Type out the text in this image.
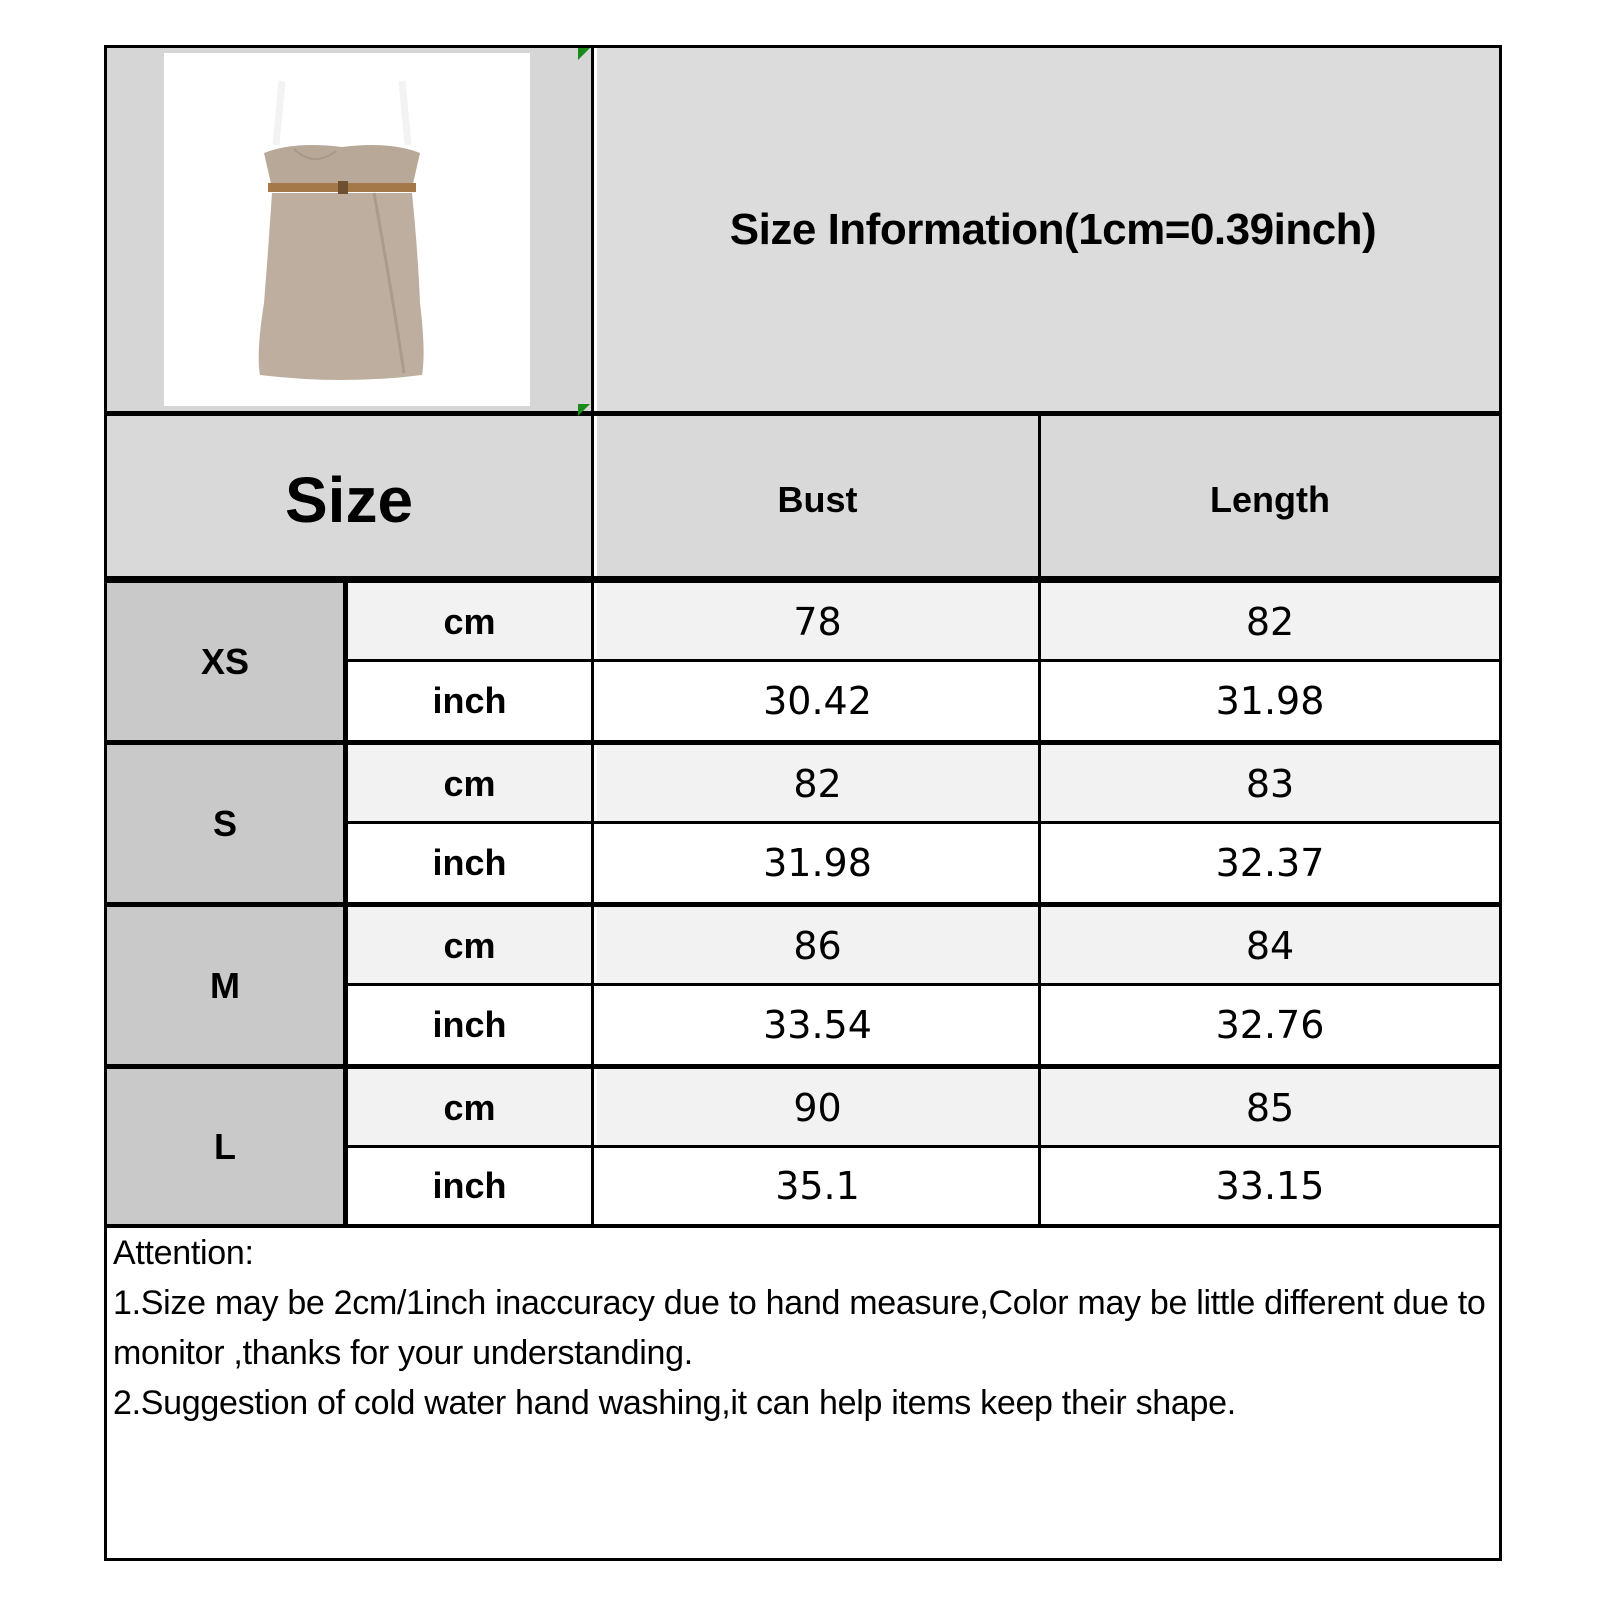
Size Information(1cm=0.39inch)
Size	Bust	Length
XS
cm	78	82
inch	30.42	31.98
S
cm	82	83
inch	31.98	32.37
M
cm	86	84
inch	33.54	32.76
L
cm	90	85
inch	35.1	33.15
Attention:
1.Size may be 2cm/1inch inaccuracy due to hand measure,Color may be little different due to monitor ,thanks for your understanding.
2.Suggestion of cold water hand washing,it can help items keep their shape.
